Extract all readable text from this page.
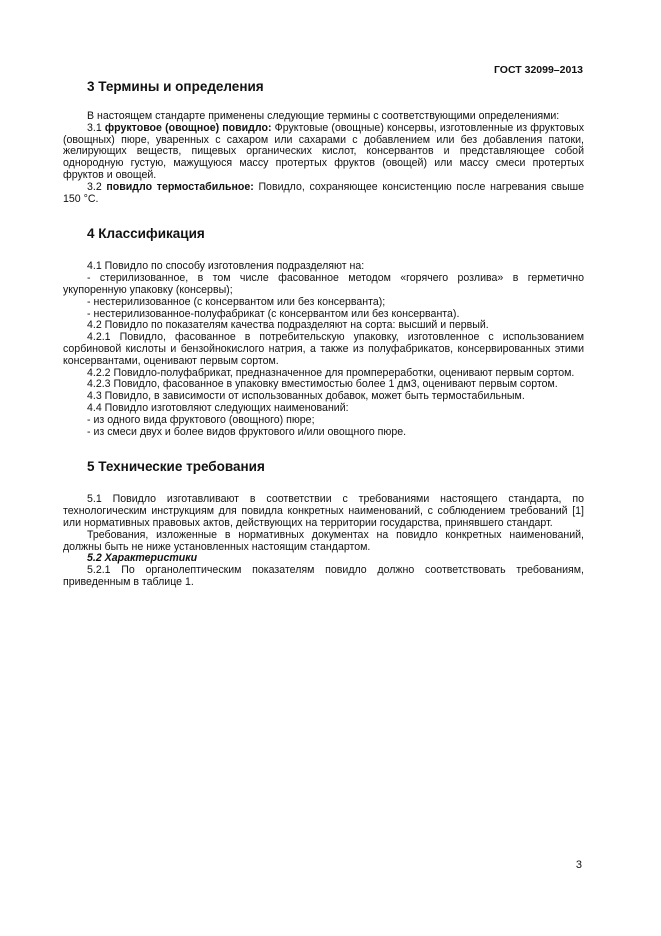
ГОСТ 32099–2013
3 Термины и определения

В настоящем стандарте применены следующие термины с соответствующими определениями:

3.1 фруктовое (овощное) повидло: Фруктовые (овощные) консервы, изготовленные из фруктовых (овощных) пюре, уваренных с сахаром или сахарами с добавлением или без добавления патоки, желирующих веществ, пищевых органических кислот, консервантов и представляющее собой однородную густую, мажущуюся массу протертых фруктов (овощей) или массу смеси протертых фруктов и овощей.

3.2 повидло термостабильное: Повидло, сохраняющее консистенцию после нагревания свыше 150 °С.

4 Классификация

4.1 Повидло по способу изготовления подразделяют на:

- стерилизованное, в том числе фасованное методом «горячего розлива» в герметично укупоренную упаковку (консервы);

- нестерилизованное (с консервантом или без консерванта);

- нестерилизованное-полуфабрикат (с консервантом или без консерванта).

4.2 Повидло по показателям качества подразделяют на сорта: высший и первый.

4.2.1 Повидло, фасованное в потребительскую упаковку, изготовленное с использованием сорбиновой кислоты и бензойнокислого натрия, а также из полуфабрикатов, консервированных этими консервантами, оценивают первым сортом.

4.2.2 Повидло-полуфабрикат, предназначенное для промпереработки, оценивают первым сортом.

4.2.3 Повидло, фасованное в упаковку вместимостью более 1 дм3, оценивают первым сортом.

4.3 Повидло, в зависимости от использованных добавок, может быть термостабильным.

4.4 Повидло изготовляют следующих наименований:

- из одного вида фруктового (овощного) пюре;

- из смеси двух и более видов фруктового и/или овощного пюре.

5 Технические требования

5.1 Повидло изготавливают в соответствии с требованиями настоящего стандарта, по технологическим инструкциям для повидла конкретных наименований, с соблюдением требований [1] или нормативных правовых актов, действующих на территории государства, принявшего стандарт.

Требования, изложенные в нормативных документах на повидло конкретных наименований, должны быть не ниже установленных настоящим стандартом.

5.2 Характеристики

5.2.1 По органолептическим показателям повидло должно соответствовать требованиям, приведенным в таблице 1.

3
